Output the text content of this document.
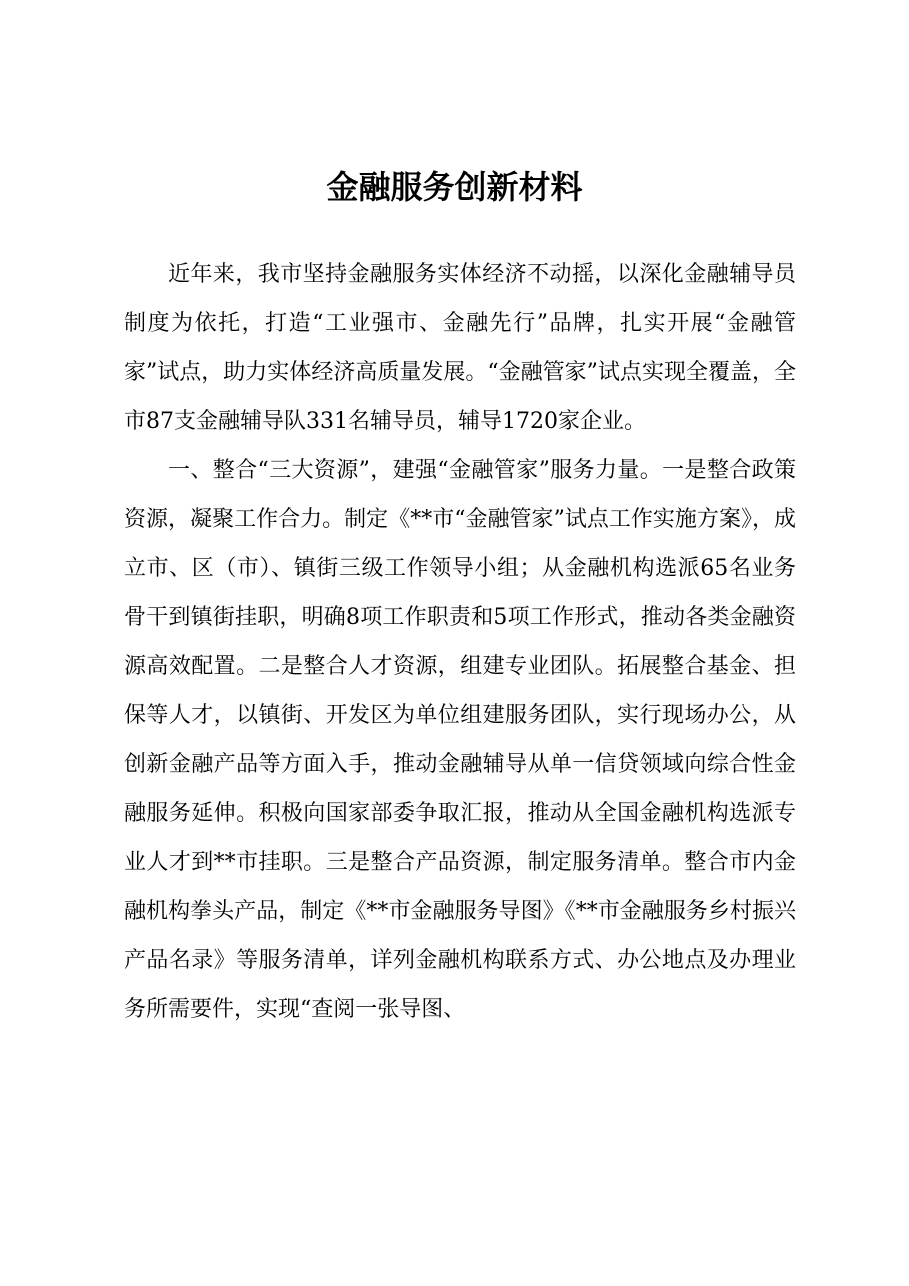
金融服务创新材料

近年来，我市坚持金融服务实体经济不动摇，以深化金融辅导员制度为依托，打造“工业强市、金融先行”品牌，扎实开展“金融管家”试点，助力实体经济高质量发展。“金融管家”试点实现全覆盖，全市87支金融辅导队331名辅导员，辅导1720家企业。

一、整合“三大资源”，建强“金融管家”服务力量。一是整合政策资源，凝聚工作合力。制定《**市“金融管家”试点工作实施方案》，成立市、区（市）、镇街三级工作领导小组；从金融机构选派65名业务骨干到镇街挂职，明确8项工作职责和5项工作形式，推动各类金融资源高效配置。二是整合人才资源，组建专业团队。拓展整合基金、担保等人才，以镇街、开发区为单位组建服务团队，实行现场办公，从创新金融产品等方面入手，推动金融辅导从单一信贷领域向综合性金融服务延伸。积极向国家部委争取汇报，推动从全国金融机构选派专业人才到**市挂职。三是整合产品资源，制定服务清单。整合市内金融机构拳头产品，制定《**市金融服务导图》《**市金融服务乡村振兴产品名录》等服务清单，详列金融机构联系方式、办公地点及办理业务所需要件，实现“查阅一张导图、
